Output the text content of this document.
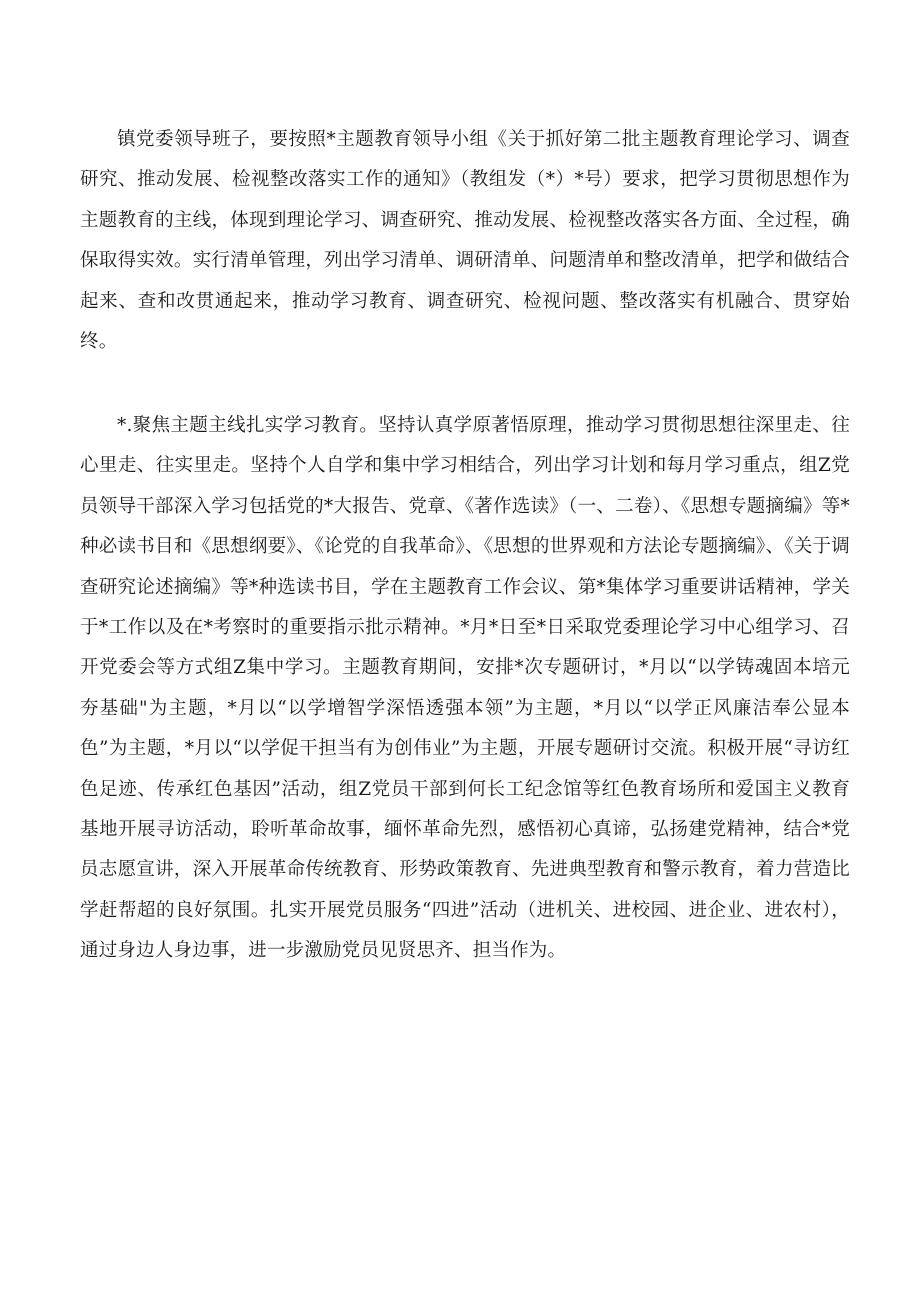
镇党委领导班子，要按照*主题教育领导小组《关于抓好第二批主题教育理论学习、调查研究、推动发展、检视整改落实工作的通知》（教组发（*）*号）要求，把学习贯彻思想作为主题教育的主线，体现到理论学习、调查研究、推动发展、检视整改落实各方面、全过程，确保取得实效。实行清单管理，列出学习清单、调研清单、问题清单和整改清单，把学和做结合起来、查和改贯通起来，推动学习教育、调查研究、检视问题、整改落实有机融合、贯穿始终。

*.聚焦主题主线扎实学习教育。坚持认真学原著悟原理，推动学习贯彻思想往深里走、往心里走、往实里走。坚持个人自学和集中学习相结合，列出学习计划和每月学习重点，组Z党员领导干部深入学习包括党的*大报告、党章、《著作选读》（一、二卷）、《思想专题摘编》等*种必读书目和《思想纲要》、《论党的自我革命》、《思想的世界观和方法论专题摘编》、《关于调查研究论述摘编》等*种选读书目，学在主题教育工作会议、第*集体学习重要讲话精神，学关于*工作以及在*考察时的重要指示批示精神。*月*日至*日采取党委理论学习中心组学习、召开党委会等方式组Z集中学习。主题教育期间，安排*次专题研讨，*月以“以学铸魂固本培元夯基础"为主题，*月以“以学增智学深悟透强本领”为主题，*月以“以学正风廉洁奉公显本色”为主题，*月以“以学促干担当有为创伟业”为主题，开展专题研讨交流。积极开展“寻访红色足迹、传承红色基因”活动，组Z党员干部到何长工纪念馆等红色教育场所和爱国主义教育基地开展寻访活动，聆听革命故事，缅怀革命先烈，感悟初心真谛，弘扬建党精神，结合*党员志愿宣讲，深入开展革命传统教育、形势政策教育、先进典型教育和警示教育，着力营造比学赶帮超的良好氛围。扎实开展党员服务“四进”活动（进机关、进校园、进企业、进农村），通过身边人身边事，进一步激励党员见贤思齐、担当作为。
